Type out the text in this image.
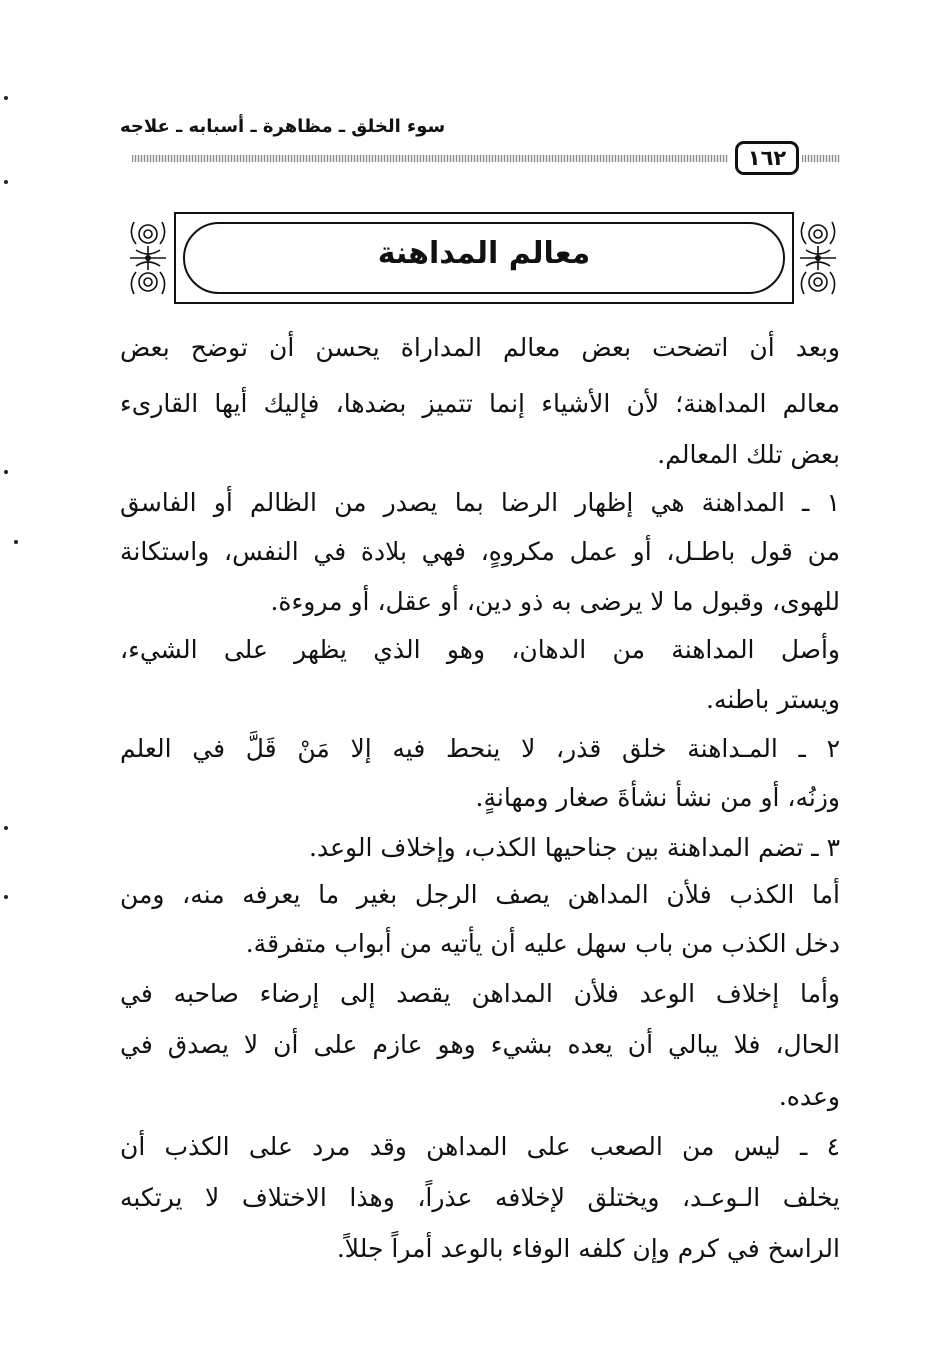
سوء الخلق ـ مظاهرة ـ أسبابه ـ علاجه
١٦٢
معالم المداهنة
وبعد أن اتضحت بعض معالم المداراة يحسن أن توضح بعض
معالم المداهنة؛ لأن الأشياء إنما تتميز بضدها، فإليك أيها القارىء
بعض تلك المعالم.
١ ـ المداهنة هي إظهار الرضا بما يصدر من الظالم أو الفاسق
من قول باطـل، أو عمل مكروهٍ، فهي بلادة في النفس، واستكانة
للهوى، وقبول ما لا يرضى به ذو دين، أو عقل، أو مروءة.
وأصل المداهنة من الدهان، وهو الذي يظهر على الشيء،
ويستر باطنه.
٢ ـ المـداهنة خلق قذر، لا ينحط فيه إلا مَنْ قَلَّ في العلم
وزنُه، أو من نشأ نشأةَ صغار ومهانةٍ.
٣ ـ تضم المداهنة بين جناحيها الكذب، وإخلاف الوعد.
أما الكذب فلأن المداهن يصف الرجل بغير ما يعرفه منه، ومن
دخل الكذب من باب سهل عليه أن يأتيه من أبواب متفرقة.
وأما إخلاف الوعد فلأن المداهن يقصد إلى إرضاء صاحبه في
الحال، فلا يبالي أن يعده بشيء وهو عازم على أن لا يصدق في
وعده.
٤ ـ ليس من الصعب على المداهن وقد مرد على الكذب أن
يخلف الـوعـد، ويختلق لإخلافه عذراً، وهذا الاختلاف لا يرتكبه
الراسخ في كرم وإن كلفه الوفاء بالوعد أمراً جللاً.
